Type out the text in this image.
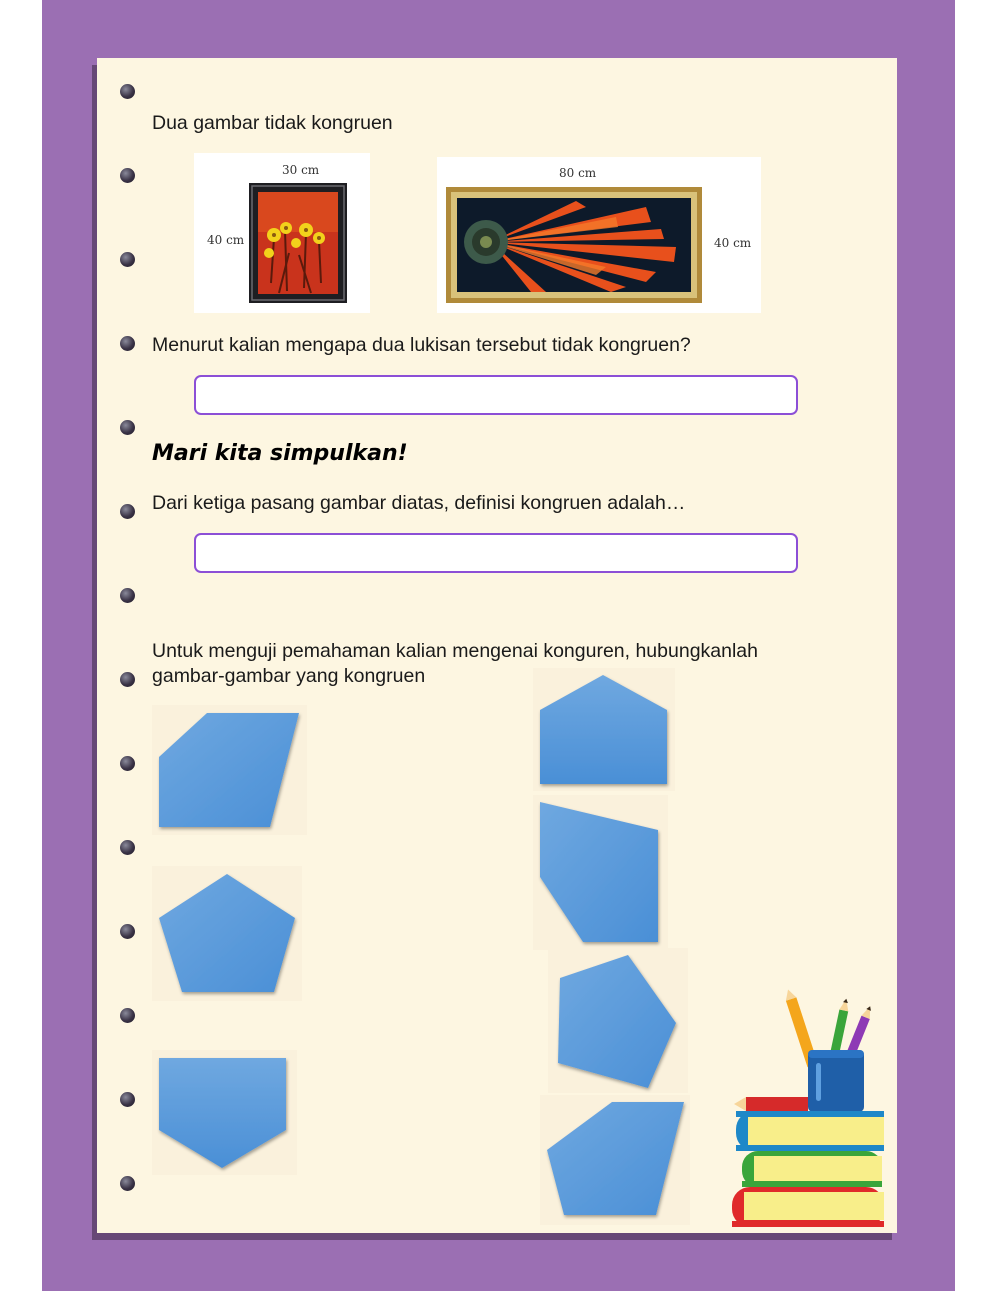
Dua gambar tidak kongruen
30 cm
40 cm
80 cm
40 cm
Menurut kalian mengapa dua lukisan tersebut tidak kongruen?
Mari kita simpulkan!
Dari ketiga pasang gambar diatas, definisi kongruen adalah…
Untuk menguji pemahaman kalian mengenai konguren, hubungkanlah
gambar-gambar yang kongruen
